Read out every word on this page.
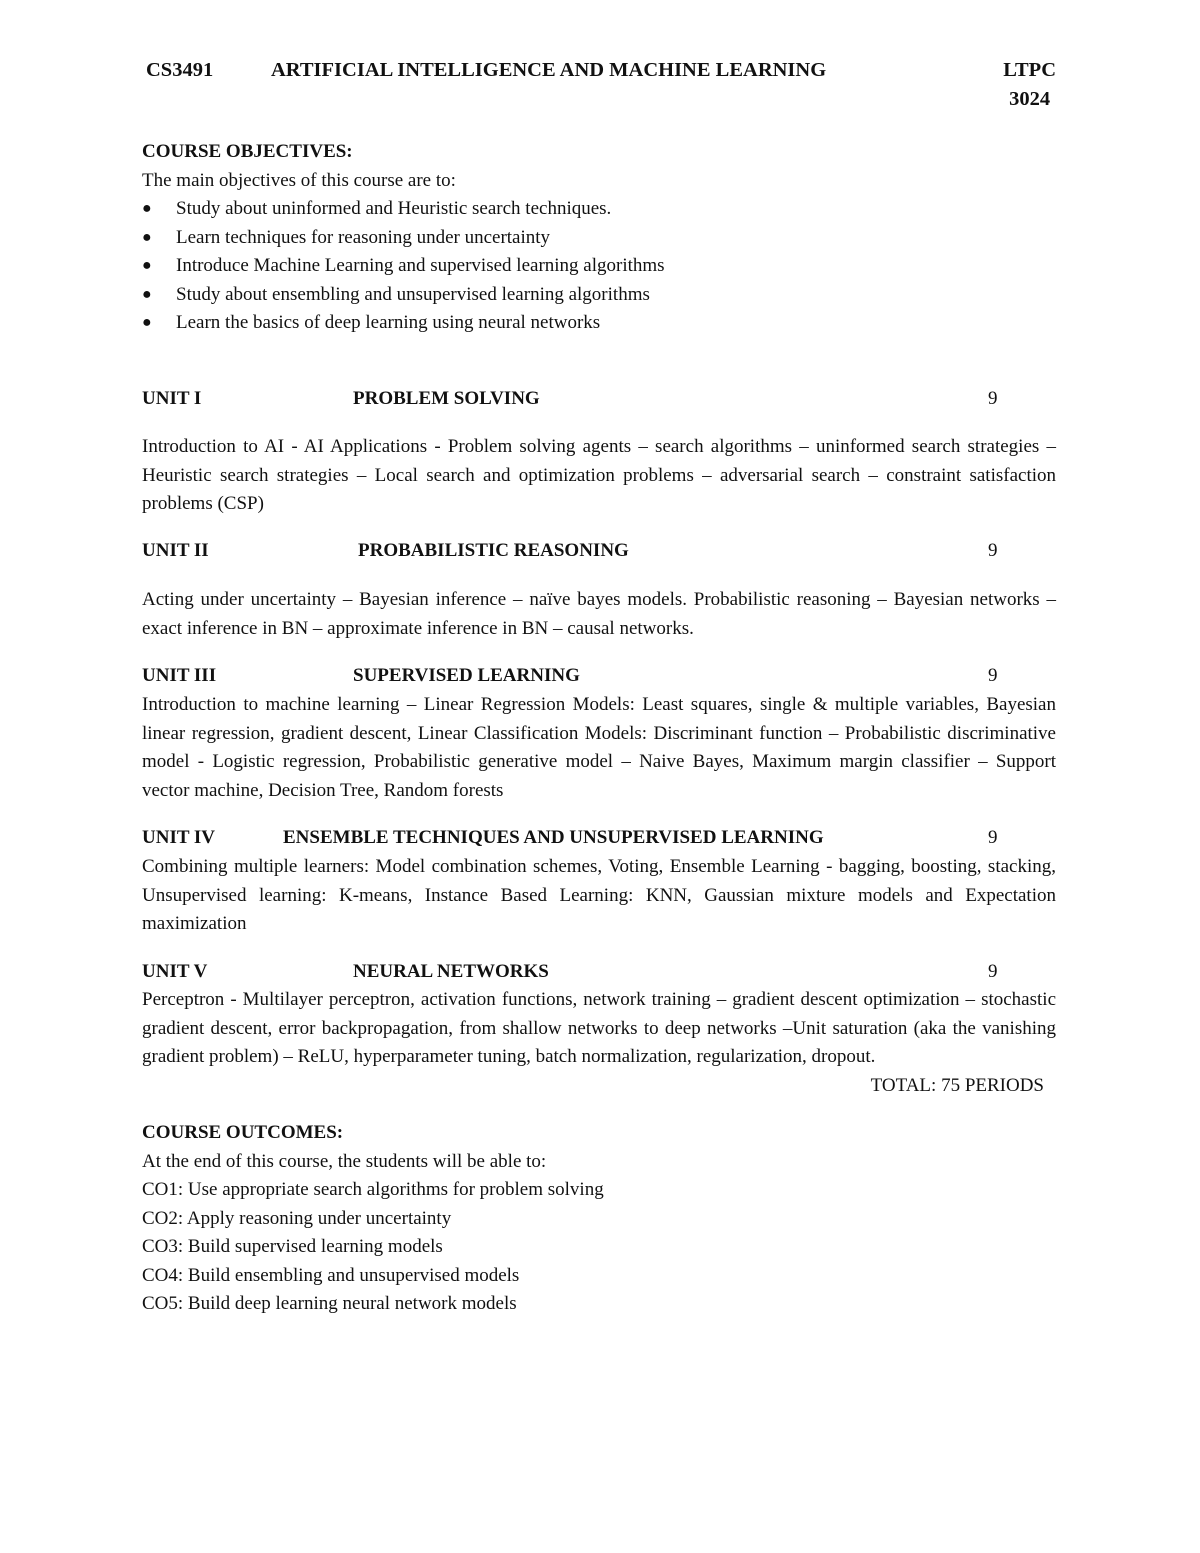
CS3491	ARTIFICIAL INTELLIGENCE AND MACHINE LEARNING	LTPC
3024
COURSE OBJECTIVES:
The main objectives of this course are to:
● Study about uninformed and Heuristic search techniques.
● Learn techniques for reasoning under uncertainty
● Introduce Machine Learning and supervised learning algorithms
● Study about ensembling and unsupervised learning algorithms
● Learn the basics of deep learning using neural networks
UNIT I	PROBLEM SOLVING	9
Introduction to AI - AI Applications - Problem solving agents – search algorithms – uninformed search strategies – Heuristic search strategies – Local search and optimization problems – adversarial search – constraint satisfaction problems (CSP)
UNIT II	PROBABILISTIC REASONING	9
Acting under uncertainty – Bayesian inference – naïve bayes models. Probabilistic reasoning – Bayesian networks – exact inference in BN – approximate inference in BN – causal networks.
UNIT III	SUPERVISED LEARNING	9
Introduction to machine learning – Linear Regression Models: Least squares, single & multiple variables, Bayesian linear regression, gradient descent, Linear Classification Models: Discriminant function – Probabilistic discriminative model - Logistic regression, Probabilistic generative model – Naive Bayes, Maximum margin classifier – Support vector machine, Decision Tree, Random forests
UNIT IV	ENSEMBLE TECHNIQUES AND UNSUPERVISED LEARNING	9
Combining multiple learners: Model combination schemes, Voting, Ensemble Learning - bagging, boosting, stacking, Unsupervised learning: K-means, Instance Based Learning: KNN, Gaussian mixture models and Expectation maximization
UNIT V	NEURAL NETWORKS	9
Perceptron - Multilayer perceptron, activation functions, network training – gradient descent optimization – stochastic gradient descent, error backpropagation, from shallow networks to deep networks –Unit saturation (aka the vanishing gradient problem) – ReLU, hyperparameter tuning, batch normalization, regularization, dropout.
TOTAL: 75 PERIODS
COURSE OUTCOMES:
At the end of this course, the students will be able to:
CO1: Use appropriate search algorithms for problem solving
CO2: Apply reasoning under uncertainty
CO3: Build supervised learning models
CO4: Build ensembling and unsupervised models
CO5: Build deep learning neural network models
